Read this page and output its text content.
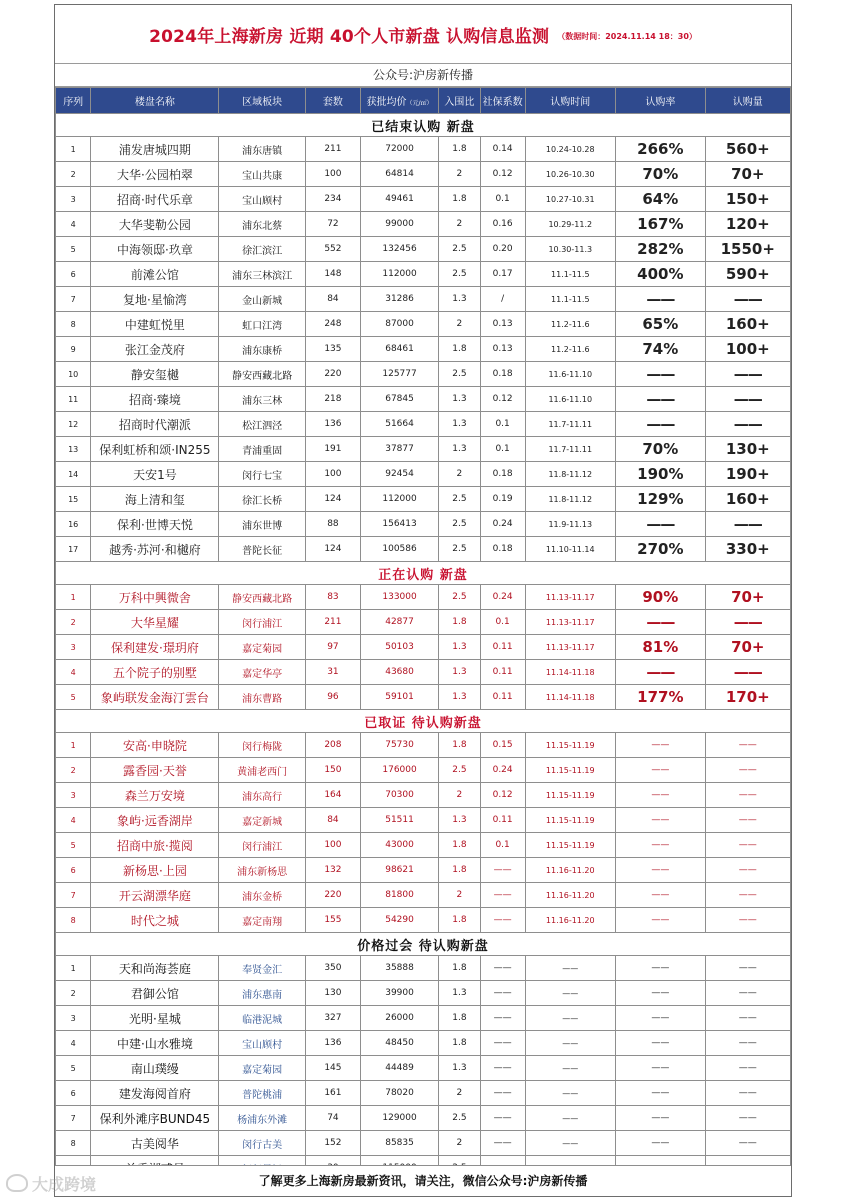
2024年上海新房 近期 40个人市新盘 认购信息监测 （数据时间：2024.11.14 18：30）
公众号:沪房新传播
序列	楼盘名称	区域板块	套数	获批均价（元/㎡）	入围比	社保系数	认购时间	认购率	认购量
已结束认购 新盘									
1	浦发唐城四期	浦东唐镇	211	72000	1.8	0.14	10.24-10.28	266%	560+
2	大华·公园柏翠	宝山共康	100	64814	2	0.12	10.26-10.30	70%	70+
3	招商·时代乐章	宝山顾村	234	49461	1.8	0.1	10.27-10.31	64%	150+
4	大华斐勒公园	浦东北蔡	72	99000	2	0.16	10.29-11.2	167%	120+
5	中海领邸·玖章	徐汇滨江	552	132456	2.5	0.20	10.30-11.3	282%	1550+
6	前滩公馆	浦东三林滨江	148	112000	2.5	0.17	11.1-11.5	400%	590+
7	复地·星愉湾	金山新城	84	31286	1.3	/	11.1-11.5	——	——
8	中建虹悦里	虹口江湾	248	87000	2	0.13	11.2-11.6	65%	160+
9	张江金茂府	浦东康桥	135	68461	1.8	0.13	11.2-11.6	74%	100+
10	静安玺樾	静安西藏北路	220	125777	2.5	0.18	11.6-11.10	——	——
11	招商·臻境	浦东三林	218	67845	1.3	0.12	11.6-11.10	——	——
12	招商时代潮派	松江泗泾	136	51664	1.3	0.1	11.7-11.11	——	——
13	保利虹桥和颂·IN255	青浦重固	191	37877	1.3	0.1	11.7-11.11	70%	130+
14	天安1号	闵行七宝	100	92454	2	0.18	11.8-11.12	190%	190+
15	海上清和玺	徐汇长桥	124	112000	2.5	0.19	11.8-11.12	129%	160+
16	保利·世博天悦	浦东世博	88	156413	2.5	0.24	11.9-11.13	——	——
17	越秀·苏河·和樾府	普陀长征	124	100586	2.5	0.18	11.10-11.14	270%	330+
正在认购 新盘									
1	万科中興微舍	静安西藏北路	83	133000	2.5	0.24	11.13-11.17	90%	70+
2	大华星耀	闵行浦江	211	42877	1.8	0.1	11.13-11.17	——	——
3	保利建发·璟玥府	嘉定菊园	97	50103	1.3	0.11	11.13-11.17	81%	70+
4	五个院子的别墅	嘉定华亭	31	43680	1.3	0.11	11.14-11.18	——	——
5	象屿联发金海汀雲台	浦东曹路	96	59101	1.3	0.11	11.14-11.18	177%	170+
已取证 待认购新盘									
1	安高·申晓院	闵行梅陇	208	75730	1.8	0.15	11.15-11.19	——	——
2	露香园·天誉	黄浦老西门	150	176000	2.5	0.24	11.15-11.19	——	——
3	森兰万安境	浦东高行	164	70300	2	0.12	11.15-11.19	——	——
4	象屿·远香湖岸	嘉定新城	84	51511	1.3	0.11	11.15-11.19	——	——
5	招商中旅·揽阅	闵行浦江	100	43000	1.8	0.1	11.15-11.19	——	——
6	新杨思·上园	浦东新杨思	132	98621	1.8	——	11.16-11.20	——	——
7	开云湖漂华庭	浦东金桥	220	81800	2	——	11.16-11.20	——	——
8	时代之城	嘉定南翔	155	54290	1.8	——	11.16-11.20	——	——
价格过会 待认购新盘									
1	天和尚海荟庭	奉贤金汇	350	35888	1.8	——	——	——	——
2	君御公馆	浦东惠南	130	39900	1.3	——	——	——	——
3	光明·星城	临港泥城	327	26000	1.8	——	——	——	——
4	中建·山水雅境	宝山顾村	136	48450	1.8	——	——	——	——
5	南山璞缦	嘉定菊园	145	44489	1.3	——	——	——	——
6	建发海阅首府	普陀桃浦	161	78020	2	——	——	——	——
7	保利外滩序BUND45	杨浦东外滩	74	129000	2.5	——	——	——	——
8	古美阅华	闵行古美	152	85835	2	——	——	——	——

了解更多上海新房最新资讯，请关注，微信公众号:沪房新传播
大成跨境
